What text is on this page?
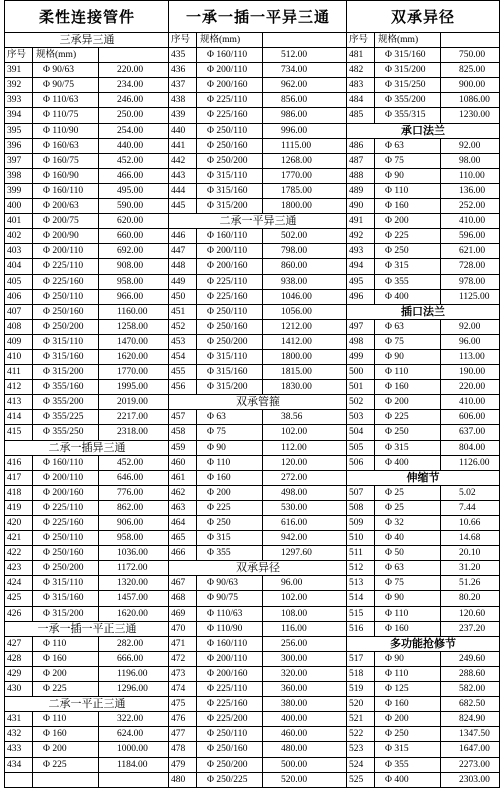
柔性连接管件
三承异三通
序号	规格(mm)
391	Φ 90/63	220.00
392	Φ 90/75	234.00
393	Φ 110/63	246.00
394	Φ 110/75	250.00
395	Φ 110/90	254.00
396	Φ 160/63	440.00
397	Φ 160/75	452.00
398	Φ 160/90	466.00
399	Φ 160/110	495.00
400	Φ 200/63	590.00
401	Φ 200/75	620.00
402	Φ 200/90	660.00
403	Φ 200/110	692.00
404	Φ 225/110	908.00
405	Φ 225/160	958.00
406	Φ 250/110	966.00
407	Φ 250/160	1160.00
408	Φ 250/200	1258.00
409	Φ 315/110	1470.00
410	Φ 315/160	1620.00
411	Φ 315/200	1770.00
412	Φ 355/160	1995.00
413	Φ 355/200	2019.00
414	Φ 355/225	2217.00
415	Φ 355/250	2318.00
二承一插异三通
416	Φ 160/110	452.00
417	Φ 200/110	646.00
418	Φ 200/160	776.00
419	Φ 225/110	862.00
420	Φ 225/160	906.00
421	Φ 250/110	958.00
422	Φ 250/160	1036.00
423	Φ 250/200	1172.00
424	Φ 315/110	1320.00
425	Φ 315/160	1457.00
426	Φ 315/200	1620.00
一承一插一平正三通
427	Φ 110	282.00
428	Φ 160	666.00
429	Φ 200	1196.00
430	Φ 225	1296.00
二承一平正三通
431	Φ 110	322.00
432	Φ 160	624.00
433	Φ 200	1000.00
434	Φ 225	1184.00
一承一插一平异三通
序号	规格(mm)
435	Φ 160/110	512.00
436	Φ 200/110	734.00
437	Φ 200/160	962.00
438	Φ 225/110	856.00
439	Φ 225/160	986.00
440	Φ 250/110	996.00
441	Φ 250/160	1115.00
442	Φ 250/200	1268.00
443	Φ 315/110	1770.00
444	Φ 315/160	1785.00
445	Φ 315/200	1800.00
二承一平异三通
446	Φ 160/110	502.00
447	Φ 200/110	798.00
448	Φ 200/160	860.00
449	Φ 225/110	938.00
450	Φ 225/160	1046.00
451	Φ 250/110	1056.00
452	Φ 250/160	1212.00
453	Φ 250/200	1412.00
454	Φ 315/110	1800.00
455	Φ 315/160	1815.00
456	Φ 315/200	1830.00
双承管箍
457	Φ 63	38.56
458	Φ 75	102.00
459	Φ 90	112.00
460	Φ 110	120.00
461	Φ 160	272.00
462	Φ 200	498.00
463	Φ 225	530.00
464	Φ 250	616.00
465	Φ 315	942.00
466	Φ 355	1297.60
双承异径
467	Φ 90/63	96.00
468	Φ 90/75	102.00
469	Φ 110/63	108.00
470	Φ 110/90	116.00
471	Φ 160/110	256.00
472	Φ 200/110	300.00
473	Φ 200/160	320.00
474	Φ 225/110	360.00
475	Φ 225/160	380.00
476	Φ 225/200	400.00
477	Φ 250/110	460.00
478	Φ 250/160	480.00
479	Φ 250/200	500.00
480	Φ 250/225	520.00
双承异径
序号	规格(mm)
481	Φ 315/160	750.00
482	Φ 315/200	825.00
483	Φ 315/250	900.00
484	Φ 355/200	1086.00
485	Φ 355/315	1230.00
承口法兰
486	Φ 63	92.00
487	Φ 75	98.00
488	Φ 90	110.00
489	Φ 110	136.00
490	Φ 160	252.00
491	Φ 200	410.00
492	Φ 225	596.00
493	Φ 250	621.00
494	Φ 315	728.00
495	Φ 355	978.00
496	Φ 400	1125.00
插口法兰
497	Φ 63	92.00
498	Φ 75	96.00
499	Φ 90	113.00
500	Φ 110	190.00
501	Φ 160	220.00
502	Φ 200	410.00
503	Φ 225	606.00
504	Φ 250	637.00
505	Φ 315	804.00
506	Φ 400	1126.00
伸缩节
507	Φ 25	5.02
508	Φ 25	7.44
509	Φ 32	10.66
510	Φ 40	14.68
511	Φ 50	20.10
512	Φ 63	31.20
513	Φ 75	51.26
514	Φ 90	80.20
515	Φ 110	120.60
516	Φ 160	237.20
多功能抢修节
517	Φ 90	249.60
518	Φ 110	288.60
519	Φ 125	582.00
520	Φ 160	682.50
521	Φ 200	824.90
522	Φ 250	1347.50
523	Φ 315	1647.00
524	Φ 355	2273.00
525	Φ 400	2303.00
